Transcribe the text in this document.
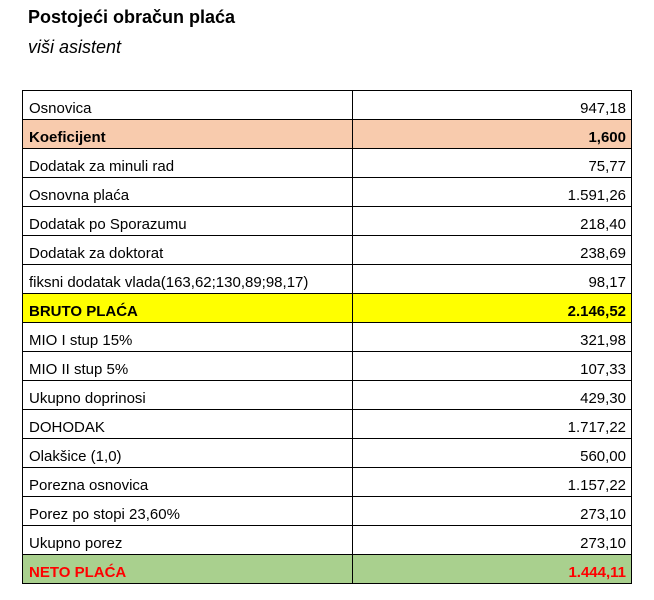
Postojeći obračun plaća
viši asistent
Osnovica	947,18
Koeficijent	1,600
Dodatak za minuli rad	75,77
Osnovna plaća	1.591,26
Dodatak po Sporazumu	218,40
Dodatak za doktorat	238,69
fiksni dodatak vlada(163,62;130,89;98,17)	98,17
BRUTO PLAĆA	2.146,52
MIO I stup 15%	321,98
MIO II stup 5%	107,33
Ukupno doprinosi	429,30
DOHODAK	1.717,22
Olakšice (1,0)	560,00
Porezna osnovica	1.157,22
Porez po stopi 23,60%	273,10
Ukupno porez	273,10
NETO PLAĆA	1.444,11
